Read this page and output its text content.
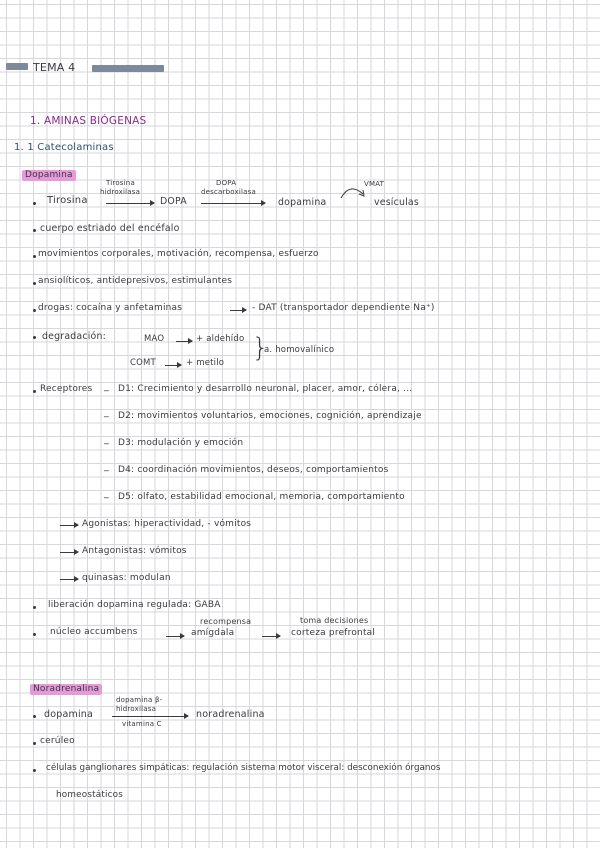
TEMA 4
1. AMINAS BIÓGENAS
1. 1 Catecolaminas
Dopamina
Tirosina
Tirosina
hidroxilasa
DOPA
DOPA
descarboxilasa
dopamina
VMAT
vesículas
cuerpo estriado del encéfalo
movimientos corporales, motivación, recompensa, esfuerzo
ansiolíticos, antidepresivos, estimulantes
drogas: cocaína y anfetaminas	- DAT (transportador dependiente Na⁺)
degradación:	MAO	+ aldehído
COMT	+ metilo }
a. homovalínico
Receptores _ D1: Crecimiento y desarrollo neuronal, placer, amor, cólera, ...
_ D2: movimientos voluntarios, emociones, cognición, aprendizaje
_ D3: modulación y emoción
_ D4: coordinación movimientos, deseos, comportamientos
_ D5: olfato, estabilidad emocional, memoria, comportamiento
Agonistas: hiperactividad, - vómitos
Antagonistas: vómitos
quinasas: modulan
liberación dopamina regulada: GABA
núcleo accumbens
recompensa
amígdala
toma decisiones
corteza prefrontal
Noradrenalina
dopamina
dopamina β-
hidroxilasa
vitamina C
noradrenalina
cerúleo
células ganglionares simpáticas: regulación sistema motor visceral: desconexión órganos
homeostáticos
